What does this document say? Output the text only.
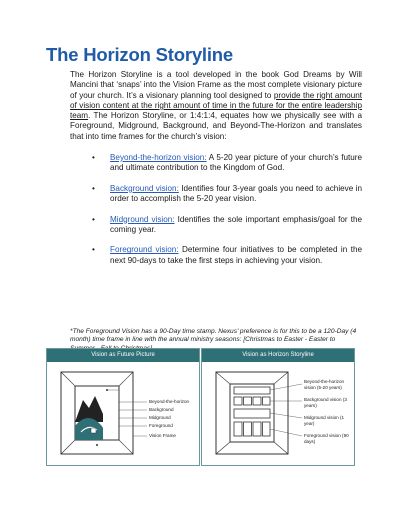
The Horizon Storyline

The Horizon Storyline is a tool developed in the book God Dreams by Will Mancini that ‘snaps’ into the Vision Frame as the most complete visionary picture of your church. It’s a visionary planning tool designed to provide the right amount of vision content at the right amount of time in the future for the entire leadership team. The Horizon Storyline, or 1:4:1:4, equates how we physically see with a Foreground, Midground, Background, and Beyond-The-Horizon and translates that into time frames for the church’s vision:

• Beyond-the-horizon vision: A 5-20 year picture of your church’s future and ultimate contribution to the Kingdom of God.
• Background vision: Identifies four 3-year goals you need to achieve in order to accomplish the 5-20 year vision.
• Midground vision: Identifies the sole important emphasis/goal for the coming year.
• Foreground vision: Determine four initiatives to be completed in the next 90-days to take the first steps in achieving your vision.

*The Foreground Vision has a 90-Day time stamp. Nexus’ preference is for this to be a 120-Day (4 month) time frame in line with the annual ministry seasons: [Christmas to Easter - Easter to

Vision as Future Picture
Beyond-the-horizon
Background
Midground
Foreground
Vision Frame
Vision as Horizon Storyline
Beyond-the-horizon vision (5-20 years)
Background vision (3 years)
Midground vision (1 year)
Foreground vision (90 days)
